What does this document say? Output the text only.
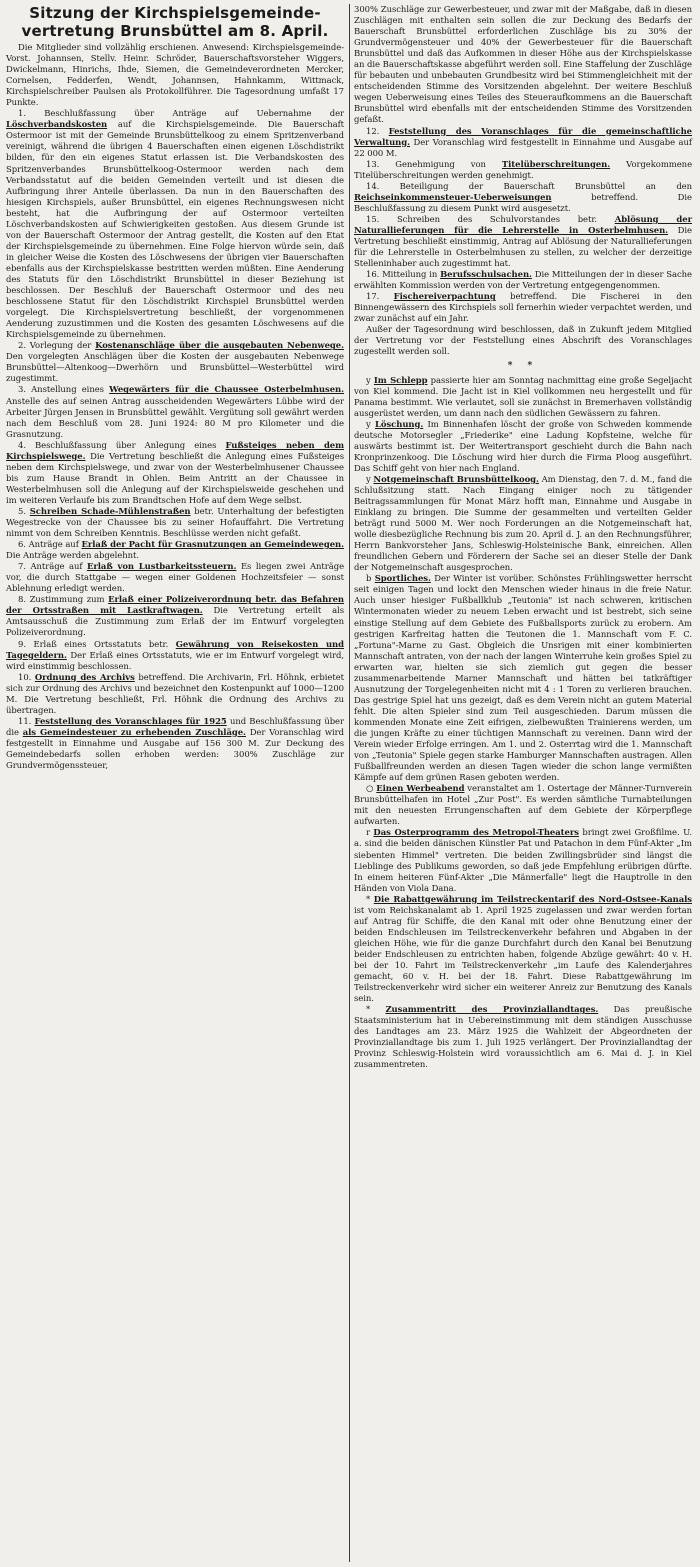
Sitzung der Kirchspielsgemeinde-
vertretung Brunsbüttel am 8. April.

Die Mitglieder sind vollzählig erschienen. Anwesend: Kirchspielsgemeinde-Vorst. Johannsen, Stellv. Heinr. Schröder, Bauerschaftsvorsteher Wiggers, Dwickelmann, Hinrichs, Ihde, Siemen, die Gemeindeverordneten Mercker, Cornelsen, Fedderfen, Wendt, Johannsen, Hahnkamm, Wittmack, Kirchspielschreiber Paulsen als Protokollführer. Die Tagesordnung umfaßt 17 Punkte.

1. Beschlußfassung über Anträge auf Uebernahme der Löschverbandskosten auf die Kirchspielsgemeinde. Die Bauerschaft Ostermoor ist mit der Gemeinde Brunsbüttelkoog zu einem Spritzenverband vereinigt, während die übrigen 4 Bauerschaften einen eigenen Löschdistrikt bilden, für den ein eigenes Statut erlassen ist. Die Verbandskosten des Spritzenverbandes Brunsbüttelkoog-Ostermoor werden nach dem Verbandsstatut auf die beiden Gemeinden verteilt und ist diesen die Aufbringung ihrer Anteile überlassen. Da nun in den Bauerschaften des hiesigen Kirchspiels, außer Brunsbüttel, ein eigenes Rechnungswesen nicht besteht, hat die Aufbringung der auf Ostermoor verteilten Löschverbandskosten auf Schwierigkeiten gestoßen. Aus diesem Grunde ist von der Bauerschaft Ostermoor der Antrag gestellt, die Kosten auf den Etat der Kirchspielsgemeinde zu übernehmen. Eine Folge hiervon würde sein, daß in gleicher Weise die Kosten des Löschwesens der übrigen vier Bauerschaften ebenfalls aus der Kirchspielskasse bestritten werden müßten. Eine Aenderung des Statuts für den Löschdistrikt Brunsbüttel in dieser Beziehung ist beschlossen. Der Beschluß der Bauerschaft Ostermoor und des neu beschlossene Statut für den Löschdistrikt Kirchspiel Brunsbüttel werden vorgelegt. Die Kirchspielsvertretung beschließt, der vorgenommenen Aenderung zuzustimmen und die Kosten des gesamten Löschwesens auf die Kirchspielsgemeinde zu übernehmen.

2. Vorlegung der Kostenanschläge über die ausgebauten Nebenwege. Den vorgelegten Anschlägen über die Kosten der ausgebauten Nebenwege Brunsbüttel—Altenkoog—Dwerhörn und Brunsbüttel—Westerbüttel wird zugestimmt.

3. Anstellung eines Wegewärters für die Chaussee Osterbelmhusen. Anstelle des auf seinen Antrag ausscheidenden Wegewärters Lübbe wird der Arbeiter Jürgen Jensen in Brunsbüttel gewählt. Vergütung soll gewährt werden nach dem Beschluß vom 28. Juni 1924: 80 M pro Kilometer und die Grasnutzung.

4. Beschlußfassung über Anlegung eines Fußsteiges neben dem Kirchspielswege. Die Vertretung beschließt die Anlegung eines Fußsteiges neben dem Kirchspielswege, und zwar von der Westerbelmhusener Chaussee bis zum Hause Brandt in Ohlen. Beim Antritt an der Chaussee in Westerbelmhusen soll die Anlegung auf der Kirchspielsweide geschehen und im weiteren Verlaufe bis zum Brandtschen Hofe auf dem Wege selbst.

5. Schreiben Schade-Mühlenstraßen betr. Unterhaltung der befestigten Wegestrecke von der Chaussee bis zu seiner Hofauffahrt. Die Vertretung nimmt von dem Schreiben Kenntnis. Beschlüsse werden nicht gefaßt.

6. Anträge auf Erlaß der Pacht für Grasnutzungen an Gemeindewegen. Die Anträge werden abgelehnt.

7. Anträge auf Erlaß von Lustbarkeitssteuern. Es liegen zwei Anträge vor, die durch Stattgabe — wegen einer Goldenen Hochzeitsfeier — sonst Ablehnung erledigt werden.

8. Zustimmung zum Erlaß einer Polizeiverordnung betr. das Befahren der Ortsstraßen mit Lastkraftwagen. Die Vertretung erteilt als Amtsausschuß die Zustimmung zum Erlaß der im Entwurf vorgelegten Polizeiverordnung.

9. Erlaß eines Ortsstatuts betr. Gewährung von Reisekosten und Tagegeldern. Der Erlaß eines Ortsstatuts, wie er im Entwurf vorgelegt wird, wird einstimmig beschlossen.

10. Ordnung des Archivs betreffend. Die Archivarin, Frl. Höhnk, erbietet sich zur Ordnung des Archivs und bezeichnet den Kostenpunkt auf 1000—1200 M. Die Vertretung beschließt, Frl. Höhnk die Ordnung des Archivs zu übertragen.

11. Feststellung des Voranschlages für 1925 und Beschlußfassung über die als Gemeindesteuer zu erhebenden Zuschläge. Der Voranschlag wird festgestellt in Einnahme und Ausgabe auf 156 300 M. Zur Deckung des Gemeindebedarfs sollen erhoben werden: 300% Zuschläge zur Grundvermögenssteuer,

300% Zuschläge zur Gewerbesteuer, und zwar mit der Maßgabe, daß in diesen Zuschlägen mit enthalten sein sollen die zur Deckung des Bedarfs der Bauerschaft Brunsbüttel erforderlichen Zuschläge bis zu 30% der Grundvermögensteuer und 40% der Gewerbesteuer für die Bauerschaft Brunsbüttel und daß das Aufkommen in dieser Höhe aus der Kirchspielskasse an die Bauerschaftskasse abgeführt werden soll. Eine Staffelung der Zuschläge für bebauten und unbebauten Grundbesitz wird bei Stimmengleichheit mit der entscheidenden Stimme des Vorsitzenden abgelehnt. Der weitere Beschluß wegen Ueberweisung eines Teiles des Steueraufkommens an die Bauerschaft Brunsbüttel wird ebenfalls mit der entscheidenden Stimme des Vorsitzenden gefaßt.

12. Feststellung des Voranschlages für die gemeinschaftliche Verwaltung. Der Voranschlag wird festgestellt in Einnahme und Ausgabe auf 22 000 M.

13. Genehmigung von Titelüberschreitungen. Vorgekommene Titelüberschreitungen werden genehmigt.

14. Beteiligung der Bauerschaft Brunsbüttel an den Reichseinkommensteuer-Ueberweisungen	betreffend. Die Beschlußfassung zu diesem Punkt wird ausgesetzt.

15. Schreiben des Schulvorstandes betr. Ablösung der Naturallieferungen für die Lehrerstelle in Osterbelmhusen. Die Vertretung beschließt einstimmig, Antrag auf Ablösung der Naturallieferungen für die Lehrerstelle in Osterbelmhusen zu stellen, zu welcher der derzeitige Stelleninhaber auch zugestimmt hat.

16. Mitteilung in Berufsschulsachen. Die Mitteilungen der in dieser Sache erwählten Kommission werden von der Vertretung entgegengenommen.

17. Fischereiverpachtung betreffend. Die Fischerei in den Binnengewässern des Kirchspiels soll fernerhin wieder verpachtet werden, und zwar zunächst auf ein Jahr.

Außer der Tagesordnung wird beschlossen, daß in Zukunft jedem Mitglied der Vertretung vor der Feststellung eines Abschrift des Voranschlages zugestellt werden soll.

* *

y Im Schlepp passierte hier am Sonntag nachmittag eine große Segeljacht von Kiel kommend. Die Jacht ist in Kiel vollkommen neu hergestellt und für Panama bestimmt. Wie verlautet, soll sie zunächst in Bremerhaven vollständig ausgerüstet werden, um dann nach den südlichen Gewässern zu fahren.

y Löschung. Im Binnenhafen löscht der große von Schweden kommende deutsche Motorsegler „Friederike" eine Ladung Kopfsteine, welche für auswärts bestimmt ist. Der Weitertransport geschieht durch die Bahn nach Kronprinzenkoog. Die Löschung wird hier durch die Firma Ploog ausgeführt. Das Schiff geht von hier nach England.

y Notgemeinschaft Brunsbüttelkoog. Am Dienstag, den 7. d. M., fand die Schlußsitzung statt. Nach Eingang einiger noch zu tätigender Beitragssammlungen für Monat März hofft man, Einnahme und Ausgabe in Einklang zu bringen. Die Summe der gesammelten und verteilten Gelder beträgt rund 5000 M. Wer noch Forderungen an die Notgemeinschaft hat, wolle diesbezügliche Rechnung bis zum 20. April d. J. an den Rechnungsführer, Herrn Bankvorsteher Jans, Schleswig-Holsteinische Bank, einreichen. Allen freundlichen Gebern und Förderern der Sache sei an dieser Stelle der Dank der Notgemeinschaft ausgesprochen.

b Sportliches. Der Winter ist vorüber. Schönstes Frühlingswetter herrscht seit einigen Tagen und lockt den Menschen wieder hinaus in die freie Natur. Auch unser hiesiger Fußballklub „Teutonia" ist nach schweren, kritischen Wintermonaten wieder zu neuem Leben erwacht und ist bestrebt, sich seine einstige Stellung auf dem Gebiete des Fußballsports zurück zu erobern. Am gestrigen Karfreitag hatten die Teutonen die 1. Mannschaft vom F. C. „Fortuna"-Marne zu Gast. Obgleich die Unsrigen mit einer kombinierten Mannschaft antraten, von der nach der langen Winterruhe kein großes Spiel zu erwarten war, hielten sie sich ziemlich gut gegen die besser zusammenarbeitende Marner Mannschaft und hätten bei tatkräftiger Ausnutzung der Torgelegenheiten nicht mit 4 : 1 Toren zu verlieren brauchen. Das gestrige Spiel hat uns gezeigt, daß es dem Verein nicht an gutem Material fehlt. Die alten Spieler sind zum Teil ausgeschieden. Darum müssen die kommenden Monate eine Zeit eifrigen, zielbewußten Trainierens werden, um die jungen Kräfte zu einer tüchtigen Mannschaft zu vereinen. Dann wird der Verein wieder Erfolge erringen. Am 1. und 2. Osterrtag wird die 1. Mannschaft von „Teutonia" Spiele gegen starke Hamburger Mannschaften austragen. Allen Fußballfreunden werden an diesen Tagen wieder die schon lange vermißten Kämpfe auf dem grünen Rasen geboten werden.

○ Einen Werbeabend veranstaltet am 1. Ostertage der Männer-Turnverein Brunsbüttelhafen im Hotel „Zur Post". Es werden sämtliche Turnabteilungen mit den neuesten Errungenschaften auf dem Gebiete der Körperpflege aufwarten.

r Das Osterprogramm des Metropol-Theaters bringt zwei Großfilme. U. a. sind die beiden dänischen Künstler Pat und Patachon in dem Fünf-Akter „Im siebenten Himmel" vertreten. Die beiden Zwillingsbrüder sind längst die Lieblinge des Publikums geworden, so daß jede Empfehlung erübrigen dürfte. In einem heiteren Fünf-Akter „Die Männerfalle" liegt die Hauptrolle in den Händen von Viola Dana.

* Die Rabattgewährung im Teilstreckentarif des Nord-Ostsee-Kanals ist vom Reichskanalamt ab 1. April 1925 zugelassen und zwar werden fortan auf Antrag für Schiffe, die den Kanal mit oder ohne Benutzung einer der beiden Endschleusen im Teilstreckenverkehr befahren und Abgaben in der gleichen Höhe, wie für die ganze Durchfahrt durch den Kanal bei Benutzung beider Endschleusen zu entrichten haben, folgende Abzüge gewährt: 40 v. H. bei der 10. Fahrt im Teilstreckenverkehr „im Laufe des Kalenderjahres gemacht, 60 v. H. bei der 18. Fahrt. Diese Rabattgewährung im Teilstreckenverkehr wird sicher ein weiterer Anreiz zur Benutzung des Kanals sein.

* Zusammentritt des Provinziallandtages. Das preußische Staatsministerium hat in Uebereinstimmung mit dem ständigen Ausschusse des Landtages am 23. März 1925 die Wahlzeit der Abgeordneten der Provinziallandtage bis zum 1. Juli 1925 verlängert. Der Provinziallandtag der Provinz Schleswig-Holstein wird voraussichtlich am 6. Mai d. J. in Kiel zusammentreten.
